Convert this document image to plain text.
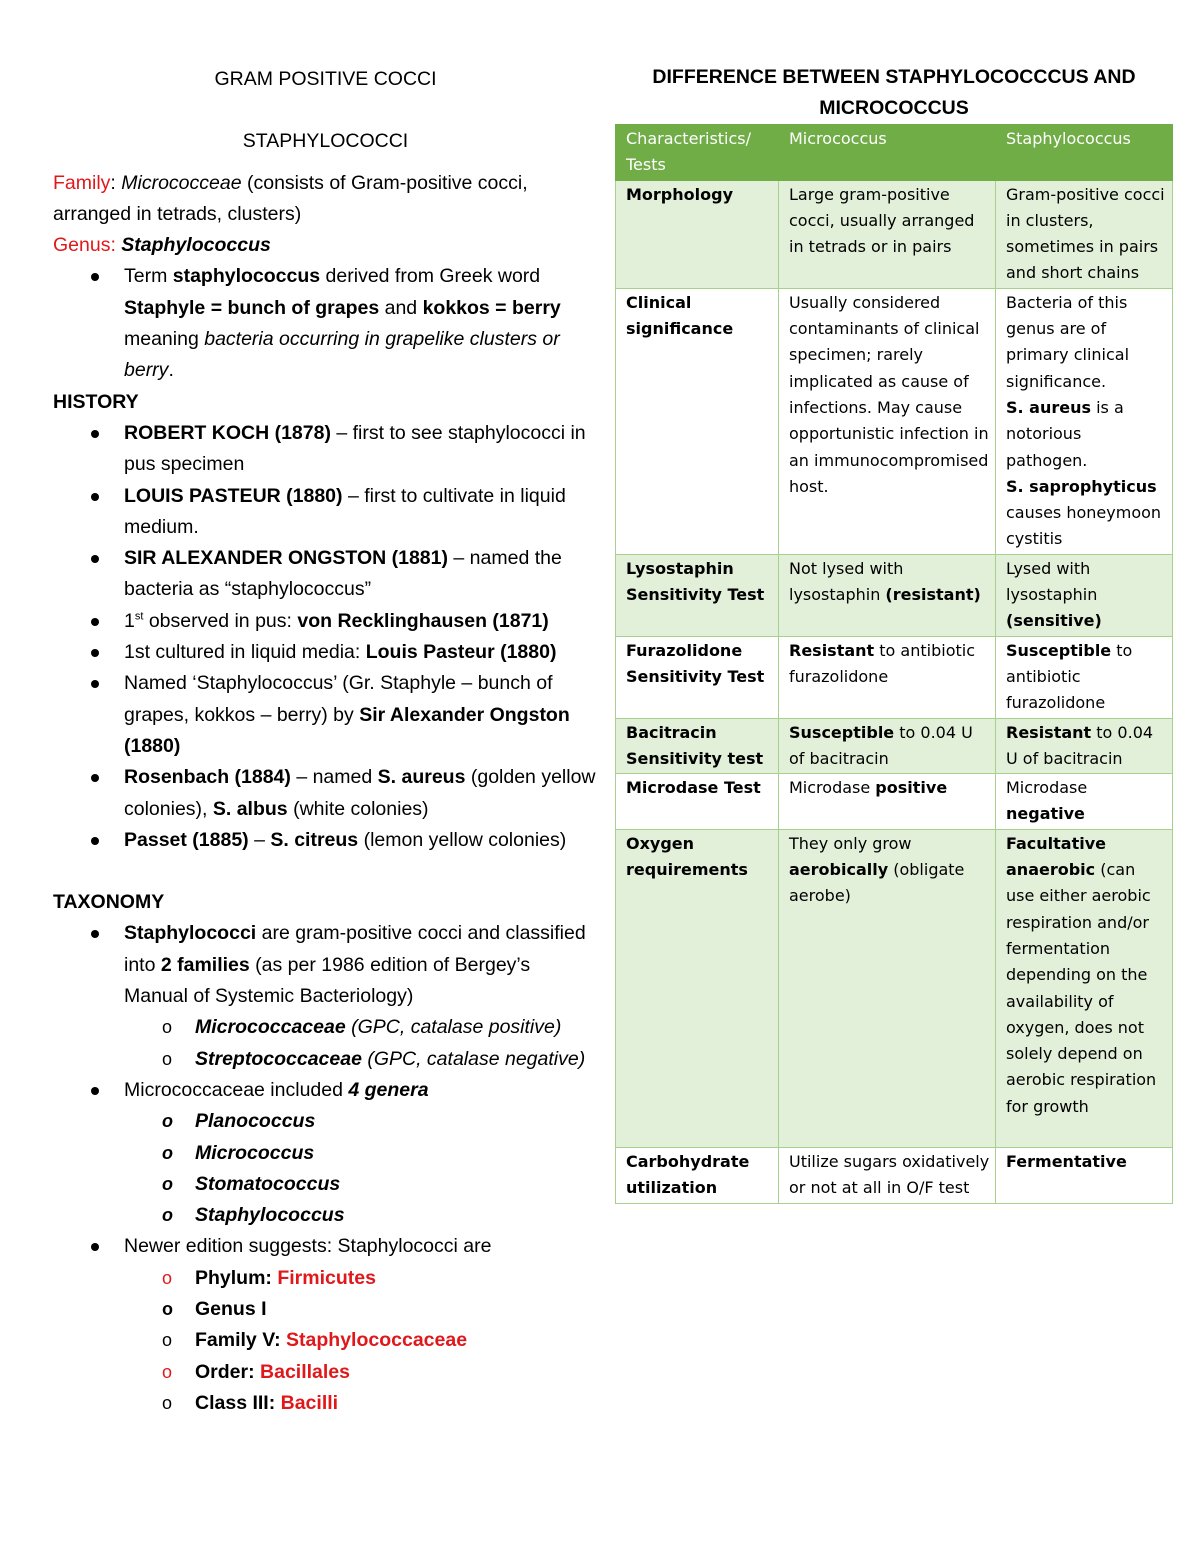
GRAM POSITIVE COCCI

STAPHYLOCOCCI

Family: Micrococceae (consists of Gram-positive cocci, arranged in tetrads, clusters)

Genus: Staphylococcus

Term staphylococcus derived from Greek word Staphyle = bunch of grapes and kokkos = berry meaning bacteria occurring in grapelike clusters or berry.

HISTORY

ROBERT KOCH (1878) – first to see staphylococci in pus specimen
LOUIS PASTEUR (1880) – first to cultivate in liquid medium.
SIR ALEXANDER ONGSTON (1881) – named the bacteria as “staphylococcus”
1st observed in pus: von Recklinghausen (1871)
1st cultured in liquid media: Louis Pasteur (1880)
Named ‘Staphylococcus’ (Gr. Staphyle – bunch of grapes, kokkos – berry) by Sir Alexander Ongston (1880)
Rosenbach (1884) – named S. aureus (golden yellow colonies), S. albus (white colonies)
Passet (1885) – S. citreus (lemon yellow colonies)

TAXONOMY

Staphylococci are gram-positive cocci and classified into 2 families (as per 1986 edition of Bergey’s Manual of Systemic Bacteriology)
o Micrococcaceae (GPC, catalase positive)
o Streptococcaceae (GPC, catalase negative)
Micrococcaceae included 4 genera
o Planococcus
o Micrococcus
o Stomatococcus
o Staphylococcus
Newer edition suggests: Staphylococci are
o Phylum: Firmicutes
o Genus I
o Family V: Staphylococcaceae
o Order: Bacillales
o Class III: Bacilli

DIFFERENCE BETWEEN STAPHYLOCOCCCUS AND MICROCOCCUS

Characteristics/ Tests	Micrococcus	Staphylococcus
Morphology	Large gram-positive cocci, usually arranged in tetrads or in pairs	Gram-positive cocci in clusters, sometimes in pairs and short chains
Clinical significance	Usually considered contaminants of clinical specimen; rarely implicated as cause of infections. May cause opportunistic infection in an immunocompromised host.	Bacteria of this genus are of primary clinical significance.
S. aureus is a notorious pathogen.
S. saprophyticus causes honeymoon cystitis
Lysostaphin Sensitivity Test	Not lysed with lysostaphin (resistant)	Lysed with lysostaphin (sensitive)
Furazolidone Sensitivity Test	Resistant to antibiotic furazolidone	Susceptible to antibiotic furazolidone
Bacitracin Sensitivity test	Susceptible to 0.04 U of bacitracin	Resistant to 0.04 U of bacitracin
Microdase Test	Microdase positive	Microdase negative
Oxygen requirements	They only grow aerobically (obligate aerobe)	Facultative anaerobic (can use either aerobic respiration and/or fermentation depending on the availability of oxygen, does not solely depend on aerobic respiration for growth

Carbohydrate utilization	Utilize sugars oxidatively or not at all in O/F test	Fermentative
